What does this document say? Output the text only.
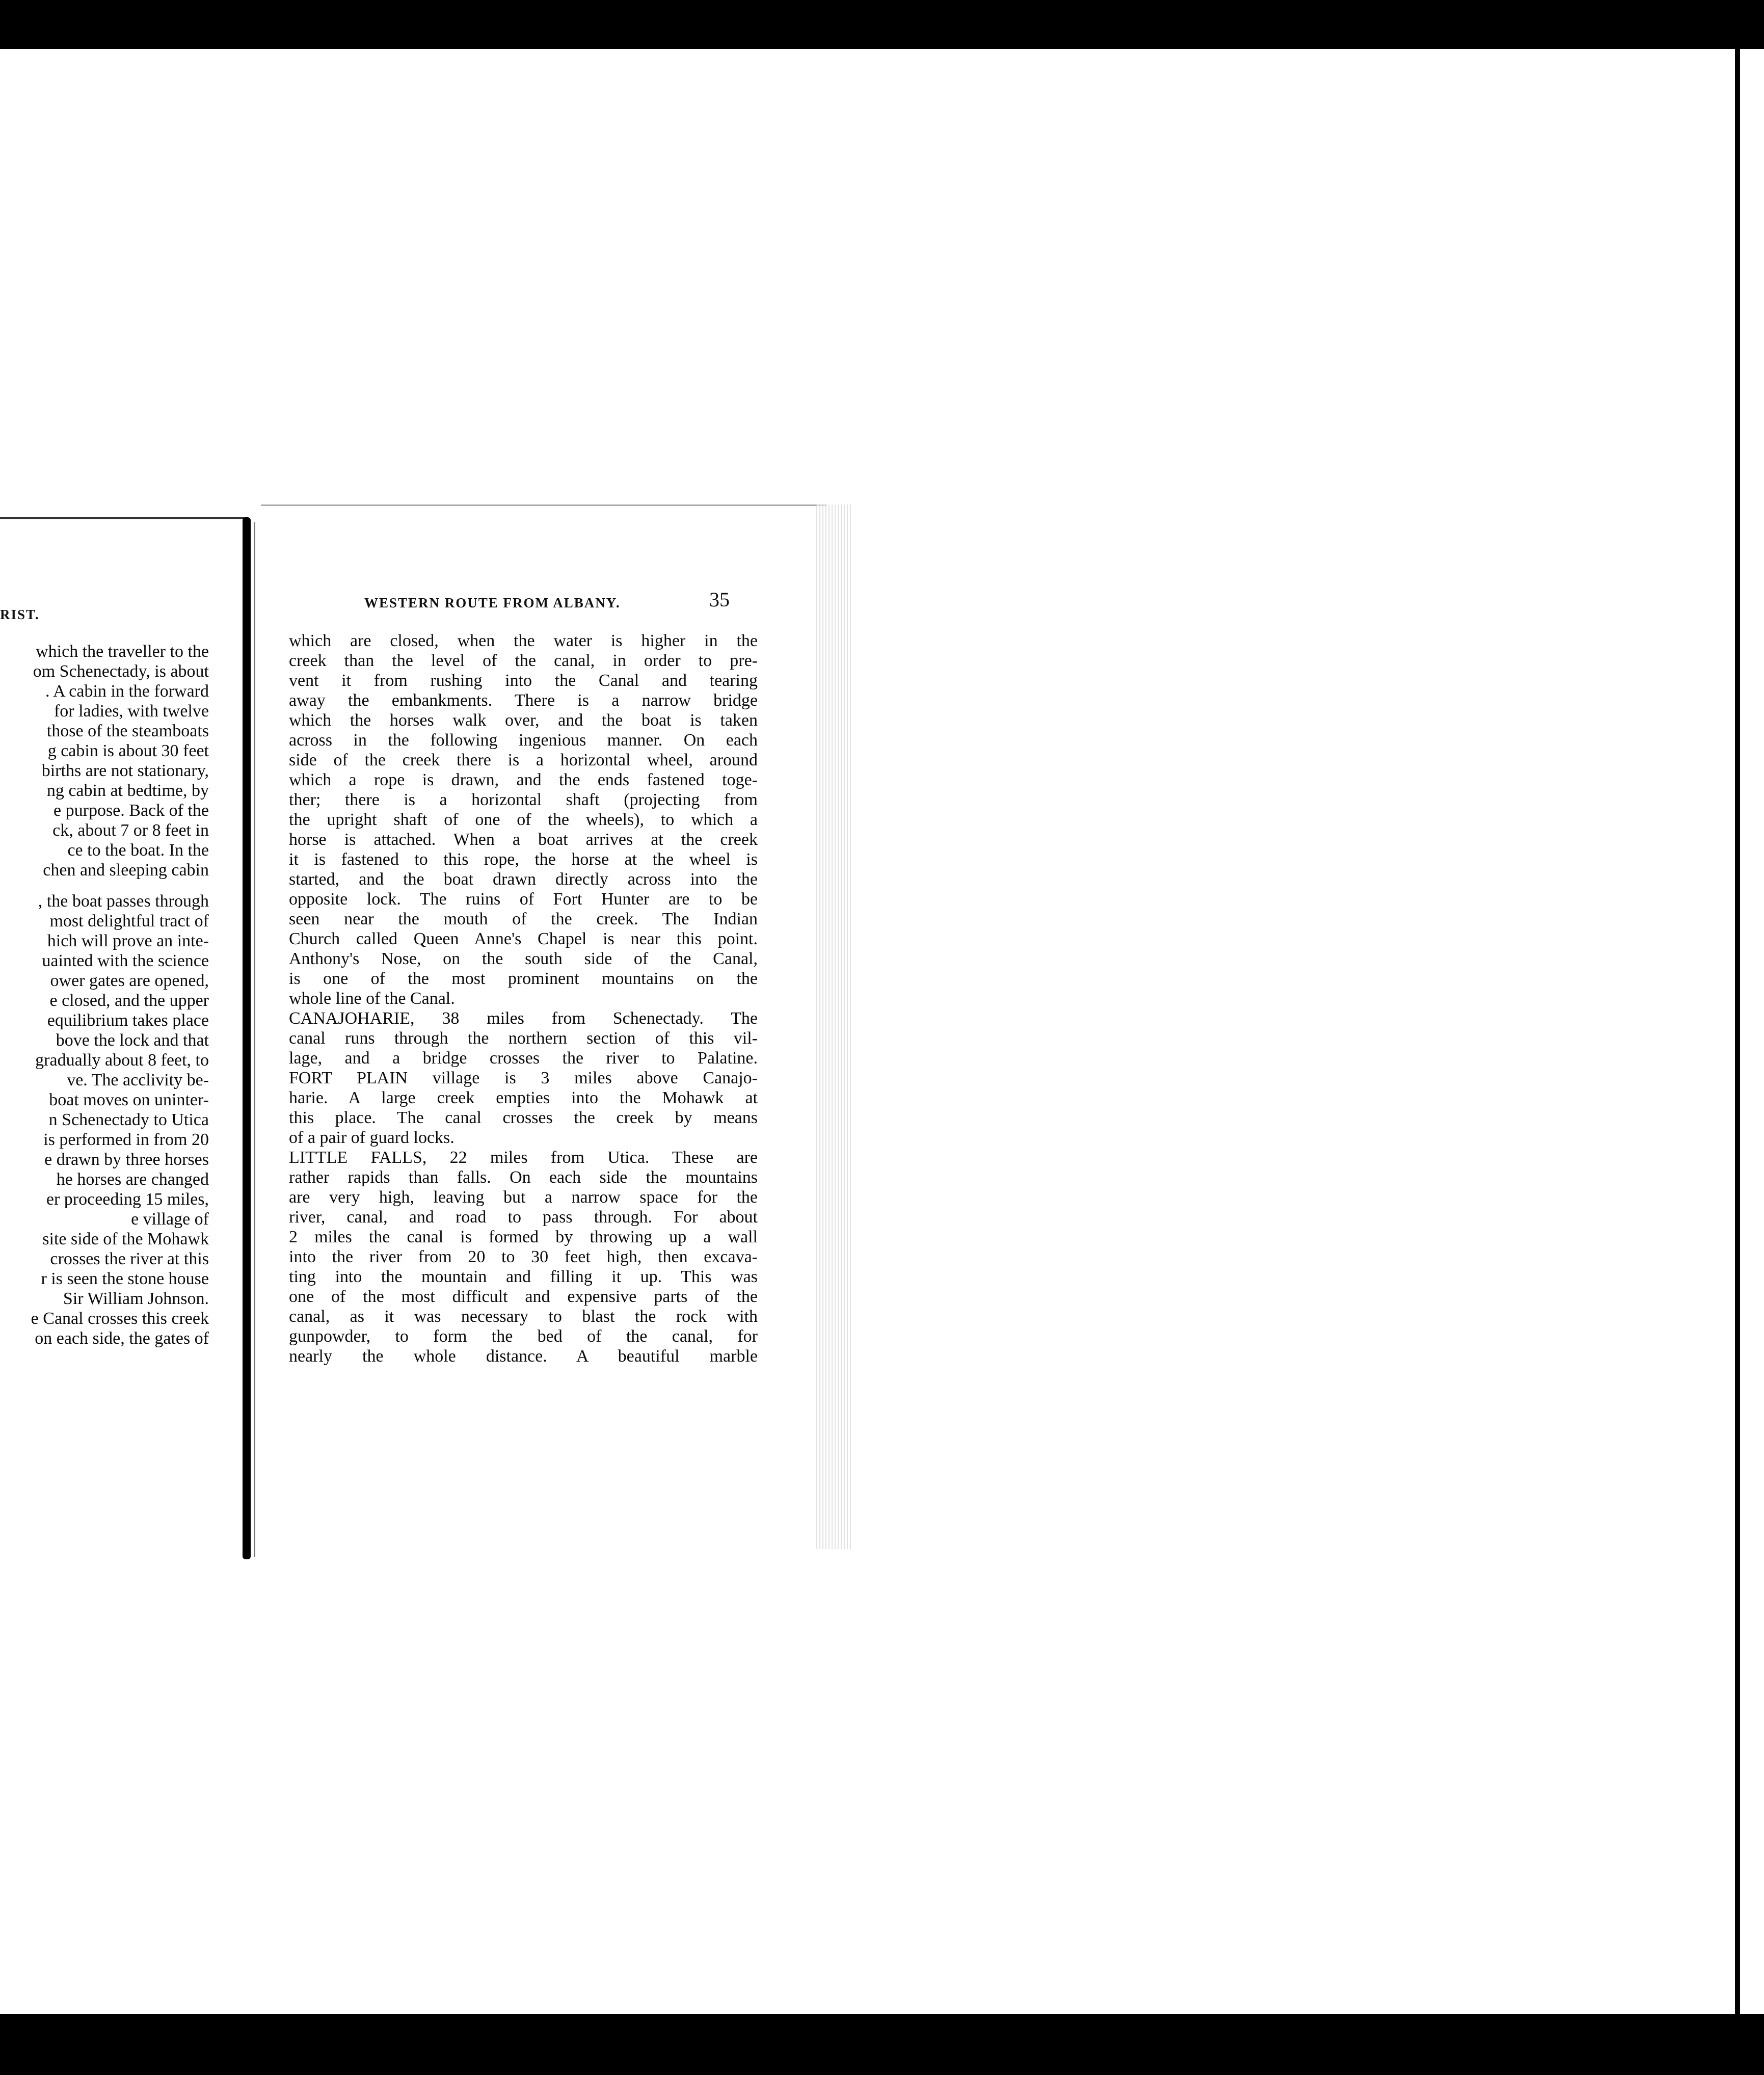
RIST.
which the traveller to the
om Schenectady, is about
. A cabin in the forward
for ladies, with twelve
those of the steamboats
g cabin is about 30 feet
births are not stationary,
ng cabin at bedtime, by
e purpose. Back of the
ck, about 7 or 8 feet in
ce to the boat. In the
chen and sleeping cabin
, the boat passes through
most delightful tract of
hich will prove an inte-
uainted with the science
ower gates are opened,
e closed, and the upper
equilibrium takes place
bove the lock and that
gradually about 8 feet, to
ve. The acclivity be-
boat moves on uninter-
n Schenectady to Utica
is performed in from 20
e drawn by three horses
he horses are changed
er proceeding 15 miles,
e village of
site side of the Mohawk
crosses the river at this
r is seen the stone house
Sir William Johnson.
e Canal crosses this creek
on each side, the gates of
WESTERN ROUTE FROM ALBANY.	35
which are closed, when the water is higher in the
creek than the level of the canal, in order to pre-
vent it from rushing into the Canal and tearing
away the embankments. There is a narrow bridge
which the horses walk over, and the boat is taken
across in the following ingenious manner. On each
side of the creek there is a horizontal wheel, around
which a rope is drawn, and the ends fastened toge-
ther; there is a horizontal shaft (projecting from
the upright shaft of one of the wheels), to which a
horse is attached. When a boat arrives at the creek
it is fastened to this rope, the horse at the wheel is
started, and the boat drawn directly across into the
opposite lock. The ruins of Fort Hunter are to be
seen near the mouth of the creek. The Indian
Church called Queen Anne's Chapel is near this point.
Anthony's Nose, on the south side of the Canal,
is one of the most prominent mountains on the
whole line of the Canal.
CANAJOHARIE, 38 miles from Schenectady. The
canal runs through the northern section of this vil-
lage, and a bridge crosses the river to Palatine.
FORT PLAIN village is 3 miles above Canajo-
harie. A large creek empties into the Mohawk at
this place. The canal crosses the creek by means
of a pair of guard locks.
LITTLE FALLS, 22 miles from Utica. These are
rather rapids than falls. On each side the mountains
are very high, leaving but a narrow space for the
river, canal, and road to pass through. For about
2 miles the canal is formed by throwing up a wall
into the river from 20 to 30 feet high, then excava-
ting into the mountain and filling it up. This was
one of the most difficult and expensive parts of the
canal, as it was necessary to blast the rock with
gunpowder, to form the bed of the canal, for
nearly the whole distance. A beautiful marble
